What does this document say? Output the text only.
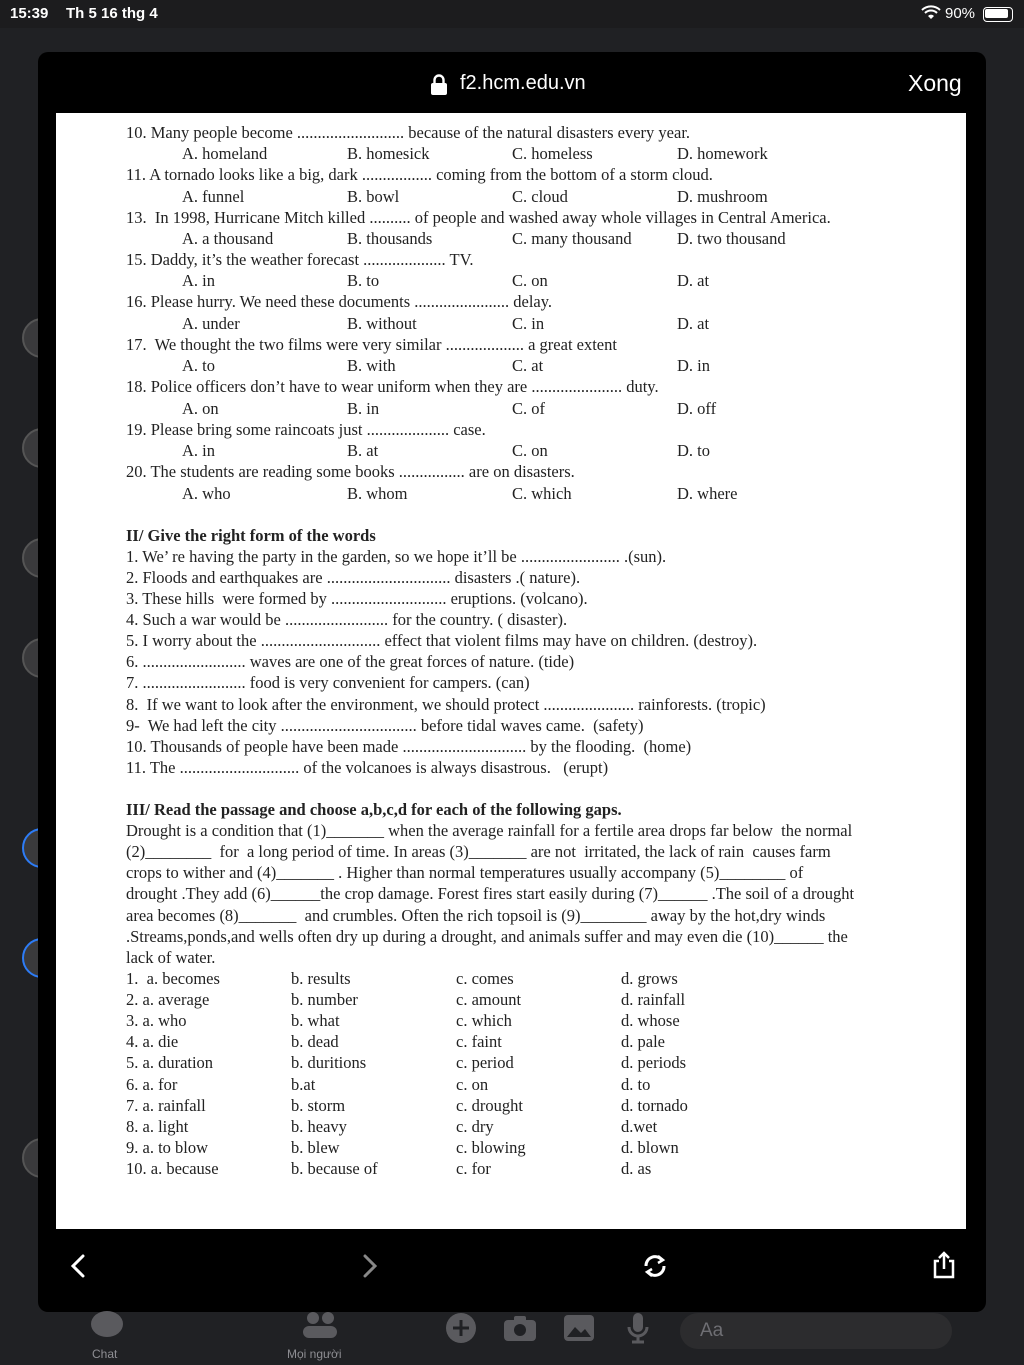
15:39 Th 5 16 thg 4	90%
f2.hcm.edu.vn	Xong
10. Many people become .......................... because of the natural disasters every year.
A. homeland	B. homesick	C. homeless	D. homework
11. A tornado looks like a big, dark ................. coming from the bottom of a storm cloud.
A. funnel	B. bowl	C. cloud	D. mushroom
13.  In 1998, Hurricane Mitch killed .......... of people and washed away whole villages in Central America.
A. a thousand	B. thousands	C. many thousand	D. two thousand
15. Daddy, it’s the weather forecast .................... TV.
A. in	B. to	C. on	D. at
16. Please hurry. We need these documents ....................... delay.
A. under	B. without	C. in	D. at
17.  We thought the two films were very similar ................... a great extent
A. to	B. with	C. at	D. in
18. Police officers don’t have to wear uniform when they are ...................... duty.
A. on	B. in	C. of	D. off
19. Please bring some raincoats just .................... case.
A. in	B. at	C. on	D. to
20. The students are reading some books ................ are on disasters.
A. who	B. whom	C. which	D. where
II/ Give the right form of the words
1. We’ re having the party in the garden, so we hope it’ll be ........................ .(sun).
2. Floods and earthquakes are .............................. disasters .( nature).
3. These hills  were formed by ............................ eruptions. (volcano).
4. Such a war would be ......................... for the country. ( disaster).
5. I worry about the ............................. effect that violent films may have on children. (destroy).
6. ......................... waves are one of the great forces of nature. (tide)
7. ......................... food is very convenient for campers. (can)
8.  If we want to look after the environment, we should protect ...................... rainforests. (tropic)
9-  We had left the city ................................. before tidal waves came.  (safety)
10. Thousands of people have been made .............................. by the flooding.  (home)
11. The ............................. of the volcanoes is always disastrous.   (erupt)
III/ Read the passage and choose a,b,c,d for each of the following gaps.
Drought is a condition that (1)_______ when the average rainfall for a fertile area drops far below  the normal
(2)________  for  a long period of time. In areas (3)_______ are not  irritated, the lack of rain  causes farm
crops to wither and (4)_______ . Higher than normal temperatures usually accompany (5)________ of
drought .They add (6)______the crop damage. Forest fires start easily during (7)______ .The soil of a drought
area becomes (8)_______  and crumbles. Often the rich topsoil is (9)________ away by the hot,dry winds
.Streams,ponds,and wells often dry up during a drought, and animals suffer and may even die (10)______ the
lack of water.
1.  a. becomes	b. results	c. comes	d. grows
2. a. average	b. number	c. amount	d. rainfall
3. a. who	b. what	c. which	d. whose
4. a. die	b. dead	c. faint	d. pale
5. a. duration	b. duritions	c. period	d. periods
6. a. for	b.at	c. on	d. to
7. a. rainfall	b. storm	c. drought	d. tornado
8. a. light	b. heavy	c. dry	d.wet
9. a. to blow	b. blew	c. blowing	d. blown
10. a. because	b. because of	c. for	d. as
Chat	Mọi người
Aa
